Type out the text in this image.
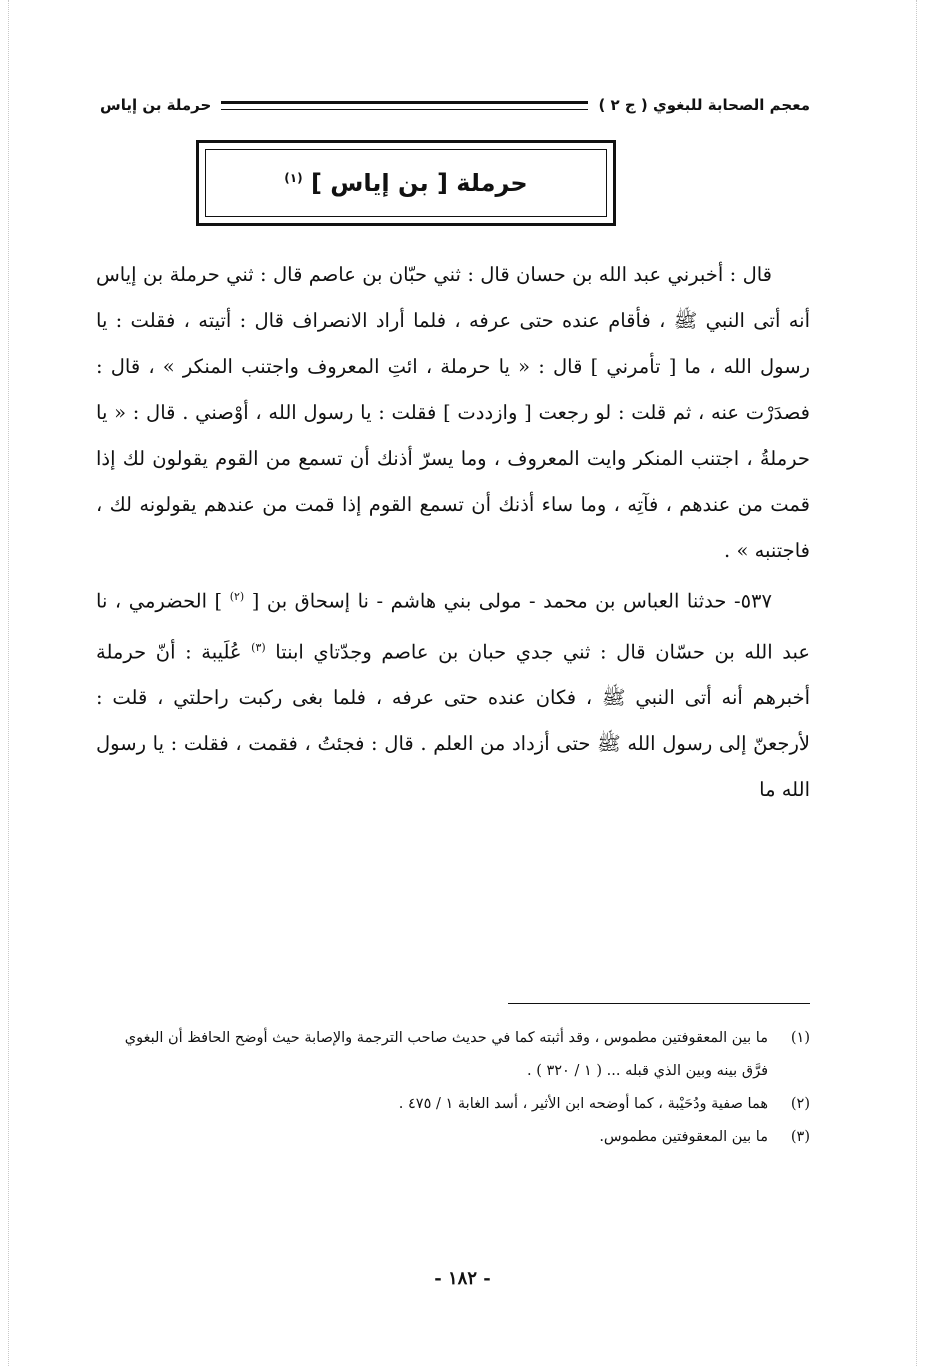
معجم الصحابة للبغوي ( ج ٢ )
حرملة بن إياس
حرملة [ بن إياس ] $^{(١)}$

قال : أخبرني عبد الله بن حسان قال : ثني حبّان بن عاصم قال : ثني حرملة بن إياس أنه أتى النبي ﷺ ، فأقام عنده حتى عرفه ، فلما أراد الانصراف قال : أتيته ، فقلت : يا رسول الله ، ما [ تأمرني ] قال : « يا حرملة ، ائتِ المعروف واجتنب المنكر » ، قال : فصدَرْت عنه ، ثم قلت : لو رجعت [ وازددت ] فقلت : يا رسول الله ، أوْصني . قال : « يا حرملةُ ، اجتنب المنكر وايت المعروف ، وما يسرّ أذنك أن تسمع من القوم يقولون لك إذا قمت من عندهم ، فآتِه ، وما ساء أذنك أن تسمع القوم إذا قمت من عندهم يقولونه لك ، فاجتنبه » .

٥٣٧- حدثنا العباس بن محمد - مولى بني هاشم - نا إسحاق بن [ $^{(٢)}$ ] الحضرمي ، نا عبد الله بن حسّان قال : ثني جدي حبان بن عاصم وجدّتاي ابنتا $^{(٣)}$ عُلَيبة : أنّ حرملة أخبرهم أنه أتى النبي ﷺ ، فكان عنده حتى عرفه ، فلما بغى ركبت راحلتي ، قلت : لأرجعنّ إلى رسول الله ﷺ حتى أزداد من العلم . قال : فجئتُ ، فقمت ، فقلت : يا رسول الله ما

(١)
ما بين المعقوفتين مطموس ، وقد أثبته كما في حديث صاحب الترجمة والإصابة حيث أوضح الحافظ أن البغوي فرَّق بينه وبين الذي قبله ... ( ١ / ٣٢٠ ) .
(٢)
هما صفية ودُحَيْبة ، كما أوضحه ابن الأثير ، أسد الغابة ١ / ٤٧٥ .
(٣)
ما بين المعقوفتين مطموس.
- ١٨٢ -
